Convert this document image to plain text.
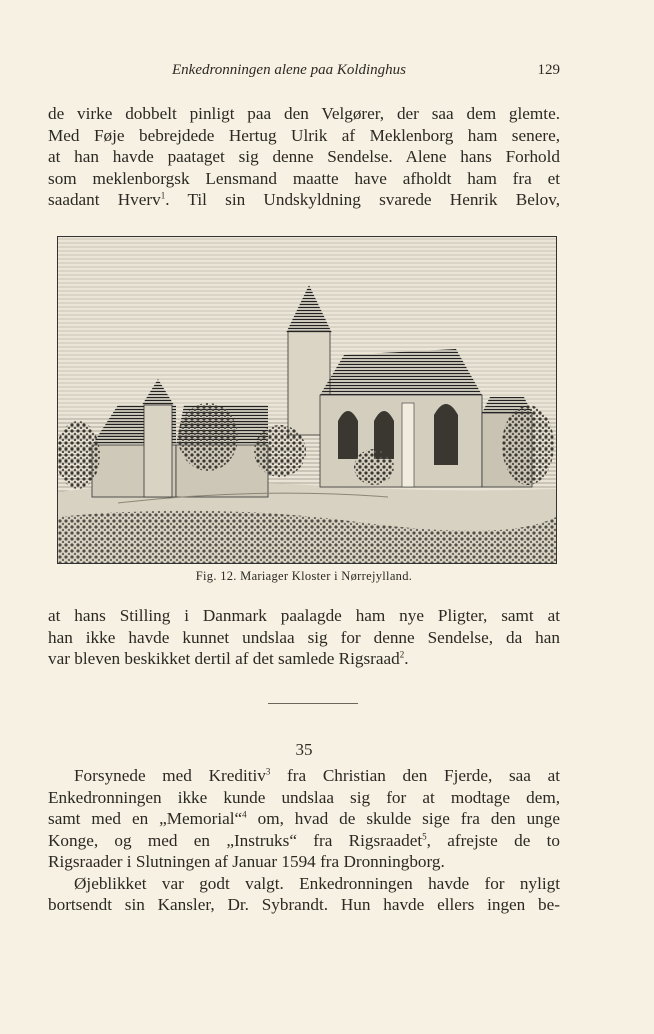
Enkedronningen alene paa Koldinghus	129
de virke dobbelt pinligt paa den Velgører, der saa dem glemte.
Med Føje bebrejdede Hertug Ulrik af Meklenborg ham senere,
at han havde paataget sig denne Sendelse. Alene hans Forhold
som meklenborgsk Lensmand maatte have afholdt ham fra et
saadant Hverv$^1$. Til sin Undskyldning svarede Henrik Belov,
Fig. 12. Mariager Kloster i Nørrejylland.
at hans Stilling i Danmark paalagde ham nye Pligter, samt at
han ikke havde kunnet undslaa sig for denne Sendelse, da han
var bleven beskikket dertil af det samlede Rigsraad$^2$.
35
Forsynede med Kreditiv$^3$ fra Christian den Fjerde, saa at
Enkedronningen ikke kunde undslaa sig for at modtage dem,
samt med en „Memorial“$^4$ om, hvad de skulde sige fra den unge
Konge, og med en „Instruks“ fra Rigsraadet$^5$, afrejste de to
Rigsraader i Slutningen af Januar 1594 fra Dronningborg.
Øjeblikket var godt valgt. Enkedronningen havde for nyligt
bortsendt sin Kansler, Dr. Sybrandt. Hun havde ellers ingen be-
